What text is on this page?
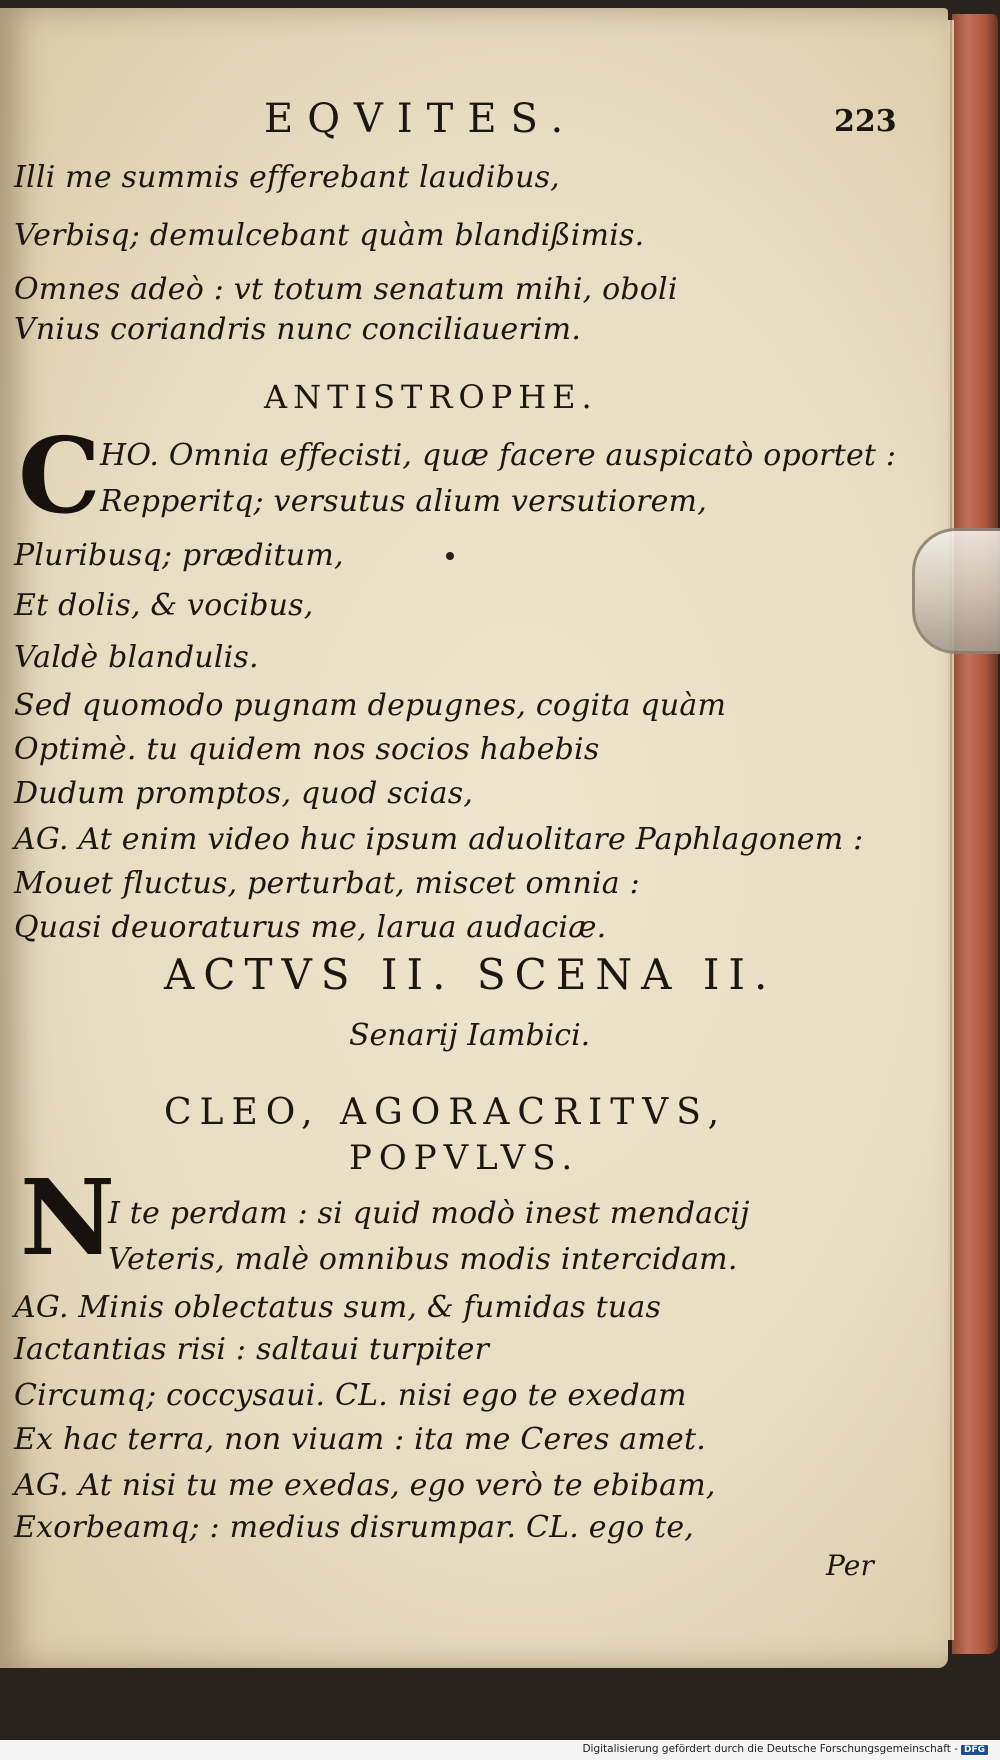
EQVITES.	223
Illi me summis efferebant laudibus,
Verbisq; demulcebant quàm blandißimis.
Omnes adeò : vt totum senatum mihi, oboli
Vnius coriandris nunc conciliauerim.
ANTISTROPHE.
C HO. Omnia effecisti, quæ facere auspicatò oportet :
Repperitq; versutus alium versutiorem,
Pluribusq; præditum,
Et dolis, & vocibus,
Valdè blandulis.
Sed quomodo pugnam depugnes, cogita quàm
Optimè. tu quidem nos socios habebis
Dudum promptos, quod scias,
AG. At enim video huc ipsum aduolitare Paphlagonem :
Mouet fluctus, perturbat, miscet omnia :
Quasi deuoraturus me, larua audaciæ.
ACTVS II. SCENA II.
Senarij Iambici.
CLEO, AGORACRITVS,
POPVLVS.
N
I te perdam : si quid modò inest mendacij
Veteris, malè omnibus modis intercidam.
AG. Minis oblectatus sum, & fumidas tuas
Iactantias risi : saltaui turpiter
Circumq; coccysaui. CL. nisi ego te exedam
Ex hac terra, non viuam : ita me Ceres amet.
AG. At nisi tu me exedas, ego verò te ebibam,
Exorbeamq; : medius disrumpar. CL. ego te,
Per
Digitalisierung gefördert durch die Deutsche Forschungsgemeinschaft - DFG
